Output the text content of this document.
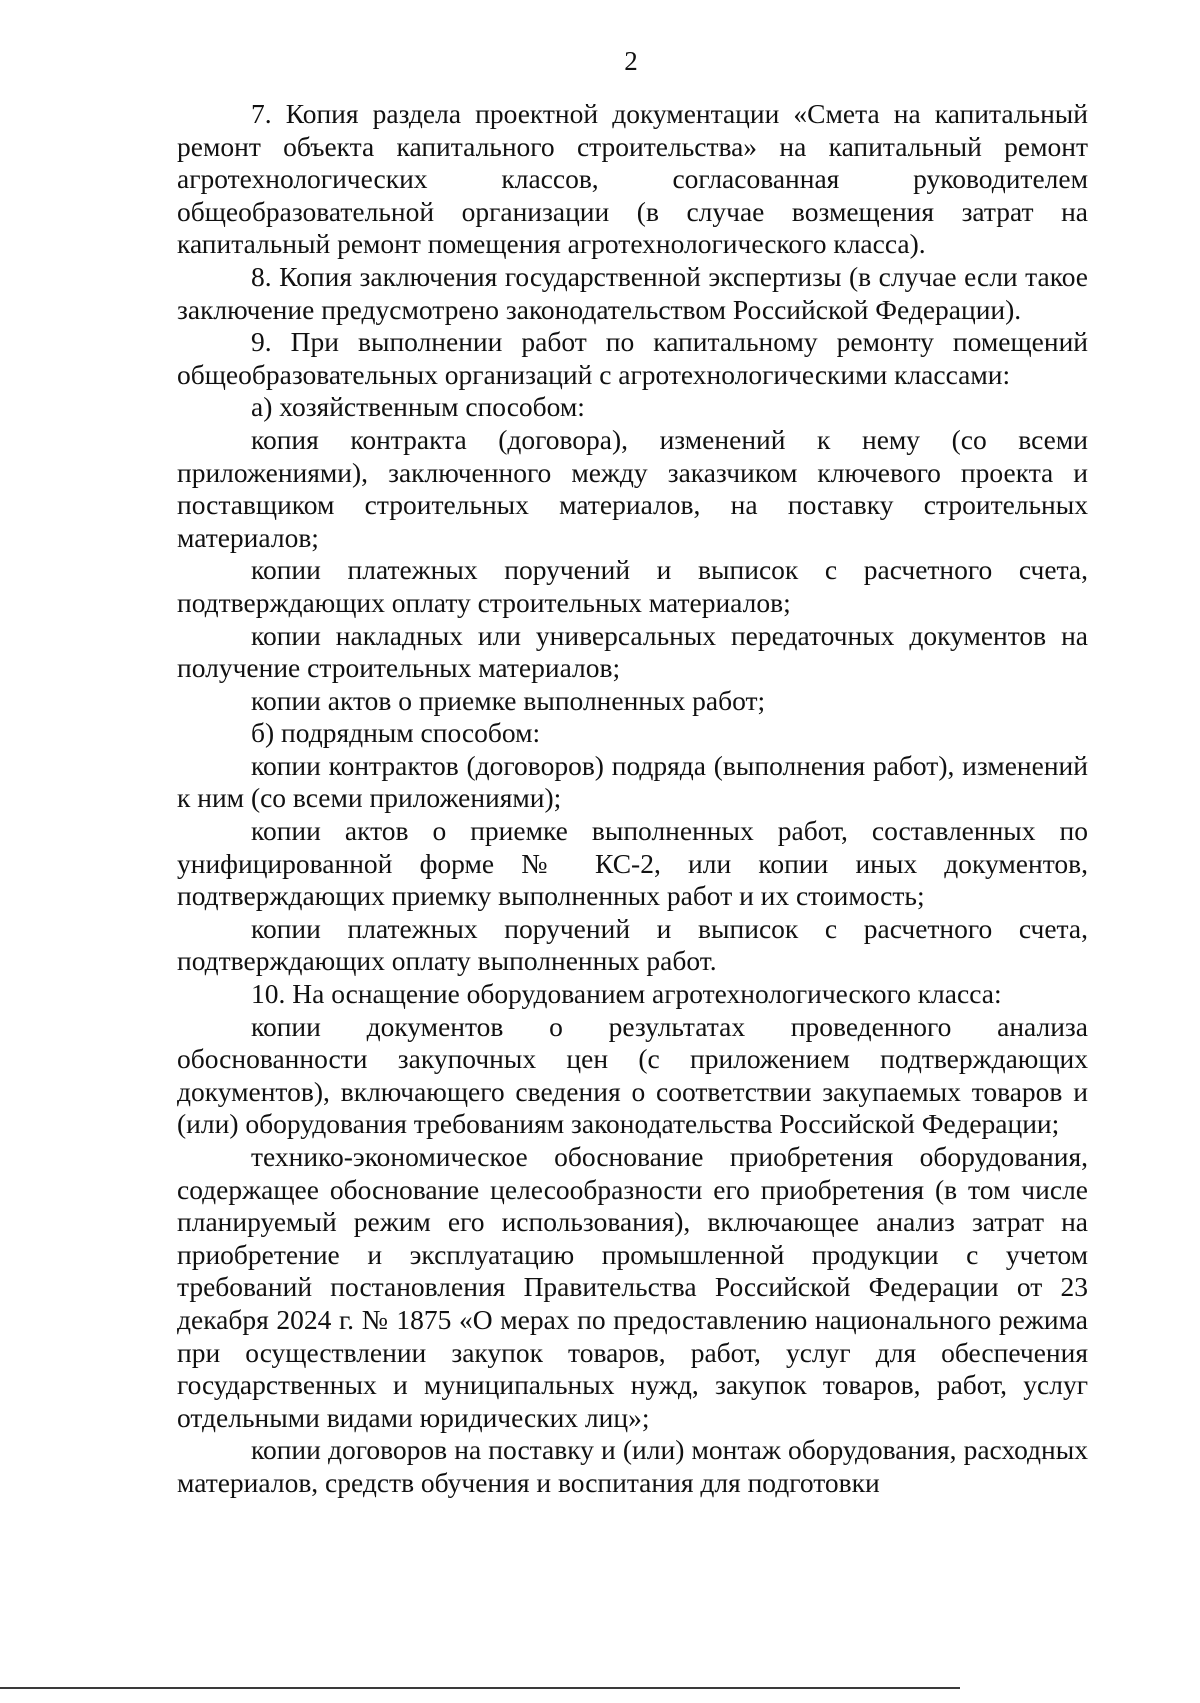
2

7. Копия раздела проектной документации «Смета на капитальный ремонт объекта капитального строительства» на капитальный ремонт агротехнологических классов, согласованная руководителем общеобразовательной организации (в случае возмещения затрат на капитальный ремонт помещения агротехнологического класса).

8. Копия заключения государственной экспертизы (в случае если такое заключение предусмотрено законодательством Российской Федерации).

9. При выполнении работ по капитальному ремонту помещений общеобразовательных организаций с агротехнологическими классами:

а) хозяйственным способом:

копия контракта (договора), изменений к нему (со всеми приложениями), заключенного между заказчиком ключевого проекта и поставщиком строительных материалов, на поставку строительных материалов;

копии платежных поручений и выписок с расчетного счета, подтверждающих оплату строительных материалов;

копии накладных или универсальных передаточных документов на получение строительных материалов;

копии актов о приемке выполненных работ;

б) подрядным способом:

копии контрактов (договоров) подряда (выполнения работ), изменений к ним (со всеми приложениями);

копии актов о приемке выполненных работ, составленных по унифицированной форме № КС-2, или копии иных документов, подтверждающих приемку выполненных работ и их стоимость;

копии платежных поручений и выписок с расчетного счета, подтверждающих оплату выполненных работ.

10. На оснащение оборудованием агротехнологического класса:

копии документов о результатах проведенного анализа обоснованности закупочных цен (с приложением подтверждающих документов), включающего сведения о соответствии закупаемых товаров и (или) оборудования требованиям законодательства Российской Федерации;

технико-экономическое обоснование приобретения оборудования, содержащее обоснование целесообразности его приобретения (в том числе планируемый режим его использования), включающее анализ затрат на приобретение и эксплуатацию промышленной продукции с учетом требований постановления Правительства Российской Федерации от 23 декабря 2024 г. № 1875 «О мерах по предоставлению национального режима при осуществлении закупок товаров, работ, услуг для обеспечения государственных и муниципальных нужд, закупок товаров, работ, услуг отдельными видами юридических лиц»;

копии договоров на поставку и (или) монтаж оборудования, расходных материалов, средств обучения и воспитания для подготовки
